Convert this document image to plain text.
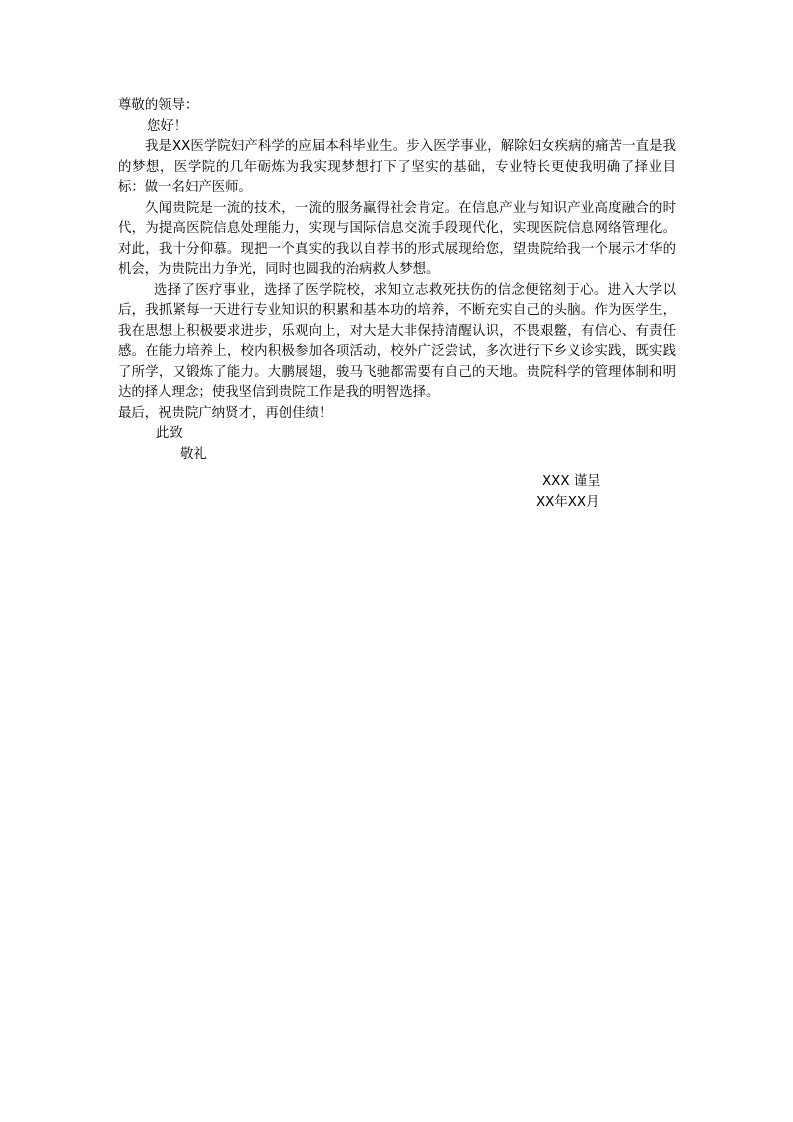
尊敬的领导：

您好！

我是XX医学院妇产科学的应届本科毕业生。步入医学事业，解除妇女疾病的痛苦一直是我的梦想，医学院的几年砺炼为我实现梦想打下了坚实的基础，专业特长更使我明确了择业目标：做一名妇产医师。

久闻贵院是一流的技术，一流的服务赢得社会肯定。在信息产业与知识产业高度融合的时代，为提高医院信息处理能力，实现与国际信息交流手段现代化，实现医院信息网络管理化。对此，我十分仰慕。现把一个真实的我以自荐书的形式展现给您，望贵院给我一个展示才华的机会，为贵院出力争光，同时也圆我的治病救人梦想。

选择了医疗事业，选择了医学院校，求知立志救死扶伤的信念便铭刻于心。进入大学以后，我抓紧每一天进行专业知识的积累和基本功的培养，不断充实自己的头脑。作为医学生，我在思想上积极要求进步，乐观向上，对大是大非保持清醒认识，不畏艰鳖，有信心、有责任感。在能力培养上，校内积极参加各项活动，校外广泛尝试，多次进行下乡义诊实践，既实践了所学，又锻炼了能力。大鹏展翅，骏马飞驰都需要有自己的天地。贵院科学的管理体制和明达的择人理念；使我坚信到贵院工作是我的明智选择。

最后，祝贵院广纳贤才，再创佳绩！

此致

敬礼

XXX 谨呈
XX年XX月
